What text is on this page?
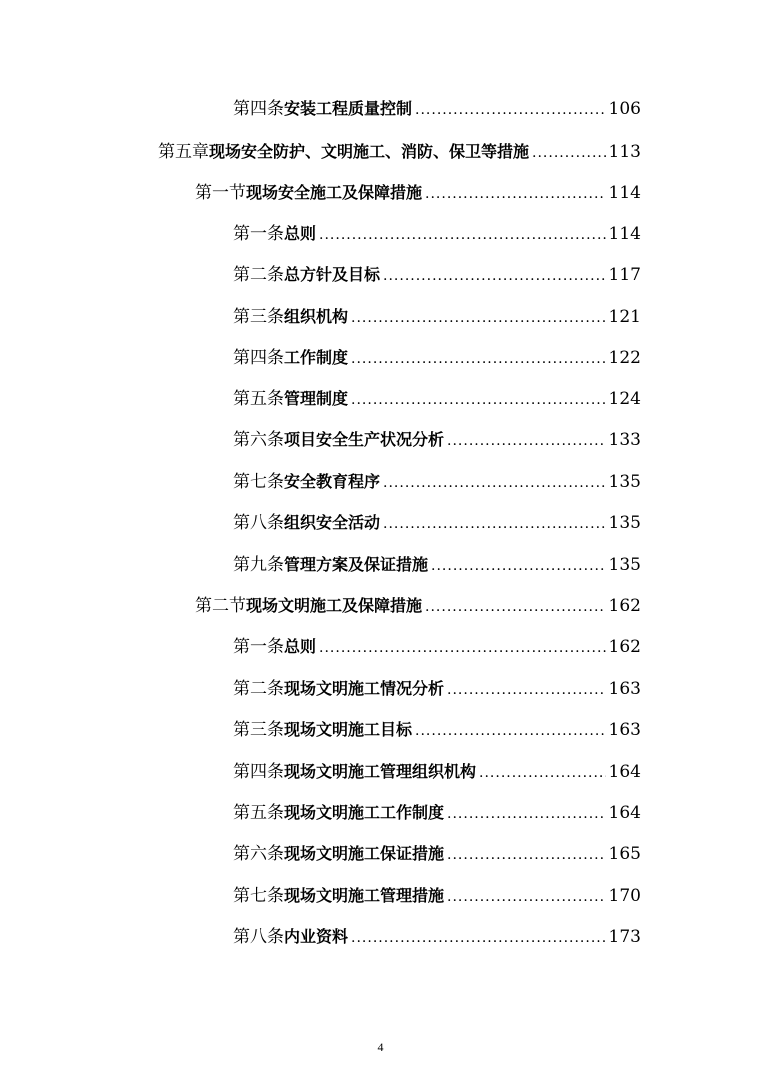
第四条 安装工程质量控制 .....	106
第五章 现场安全防护、文明施工、消防、保卫等措施 .....	113
第一节 现场安全施工及保障措施 .....	114
第一条 总则 .....	114
第二条 总方针及目标 .....	117
第三条 组织机构 .....	121
第四条 工作制度 .....	122
第五条 管理制度 .....	124
第六条 项目安全生产状况分析 .....	133
第七条 安全教育程序 .....	135
第八条 组织安全活动 .....	135
第九条 管理方案及保证措施 .....	135
第二节 现场文明施工及保障措施 .....	162
第一条 总则 .....	162
第二条 现场文明施工情况分析 .....	163
第三条 现场文明施工目标 .....	163
第四条 现场文明施工管理组织机构 .....	164
第五条 现场文明施工工作制度 .....	164
第六条 现场文明施工保证措施 .....	165
第七条 现场文明施工管理措施 .....	170
第八条 内业资料 .....	173
4
